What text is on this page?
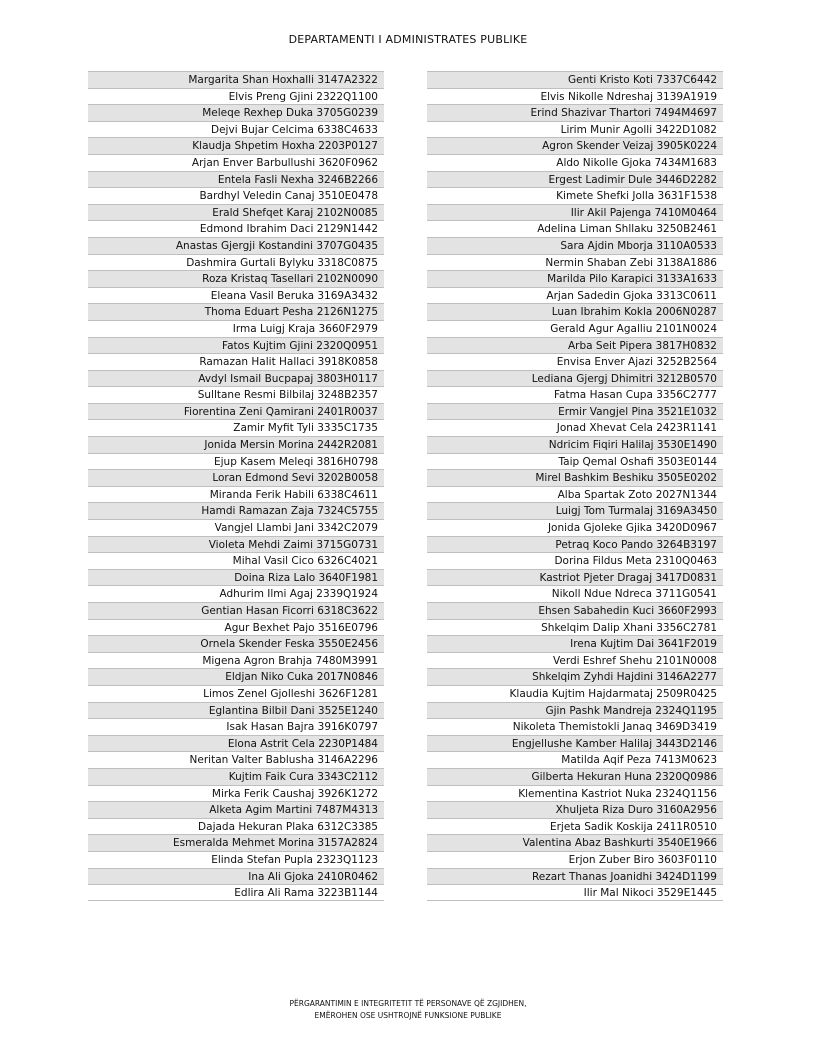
DEPARTAMENTI I ADMINISTRATES PUBLIKE
Margarita Shan Hoxhalli 3147A2322
Elvis Preng Gjini 2322Q1100
Meleqe Rexhep Duka 3705G0239
Dejvi Bujar Celcima 6338C4633
Klaudja Shpetim Hoxha 2203P0127
Arjan Enver Barbullushi 3620F0962
Entela Fasli Nexha 3246B2266
Bardhyl Veledin Canaj 3510E0478
Erald Shefqet Karaj 2102N0085
Edmond Ibrahim Daci 2129N1442
Anastas Gjergji Kostandini 3707G0435
Dashmira Gurtali Bylyku 3318C0875
Roza Kristaq Tasellari 2102N0090
Eleana Vasil Beruka 3169A3432
Thoma Eduart Pesha 2126N1275
Irma Luigj Kraja 3660F2979
Fatos Kujtim Gjini 2320Q0951
Ramazan Halit Hallaci 3918K0858
Avdyl Ismail Bucpapaj 3803H0117
Sulltane Resmi Bilbilaj 3248B2357
Fiorentina Zeni Qamirani 2401R0037
Zamir Myfit Tyli 3335C1735
Jonida Mersin Morina 2442R2081
Ejup Kasem Meleqi 3816H0798
Loran Edmond Sevi 3202B0058
Miranda Ferik Habili 6338C4611
Hamdi Ramazan Zaja 7324C5755
Vangjel Llambi Jani 3342C2079
Violeta Mehdi Zaimi 3715G0731
Mihal Vasil Cico 6326C4021
Doina Riza Lalo 3640F1981
Adhurim Ilmi Agaj 2339Q1924
Gentian Hasan Ficorri 6318C3622
Agur Bexhet Pajo 3516E0796
Ornela Skender Feska 3550E2456
Migena Agron Brahja 7480M3991
Eldjan Niko Cuka 2017N0846
Limos Zenel Gjolleshi 3626F1281
Eglantina Bilbil Dani 3525E1240
Isak Hasan Bajra 3916K0797
Elona Astrit Cela 2230P1484
Neritan Valter Bablusha 3146A2296
Kujtim Faik Cura 3343C2112
Mirka Ferik Caushaj 3926K1272
Alketa Agim Martini 7487M4313
Dajada Hekuran Plaka 6312C3385
Esmeralda Mehmet Morina 3157A2824
Elinda Stefan Pupla 2323Q1123
Ina Ali Gjoka 2410R0462
Edlira Ali Rama 3223B1144
Genti Kristo Koti 7337C6442
Elvis Nikolle Ndreshaj 3139A1919
Erind Shazivar Thartori 7494M4697
Lirim Munir Agolli 3422D1082
Agron Skender Veizaj 3905K0224
Aldo Nikolle Gjoka 7434M1683
Ergest Ladimir Dule 3446D2282
Kimete Shefki Jolla 3631F1538
Ilir Akil Pajenga 7410M0464
Adelina Liman Shllaku 3250B2461
Sara Ajdin Mborja 3110A0533
Nermin Shaban Zebi 3138A1886
Marilda Pilo Karapici 3133A1633
Arjan Sadedin Gjoka 3313C0611
Luan Ibrahim Kokla 2006N0287
Gerald Agur Agalliu 2101N0024
Arba Seit Pipera 3817H0832
Envisa Enver Ajazi 3252B2564
Lediana Gjergj Dhimitri 3212B0570
Fatma Hasan Cupa 3356C2777
Ermir Vangjel Pina 3521E1032
Jonad Xhevat Cela 2423R1141
Ndricim Fiqiri Halilaj 3530E1490
Taip Qemal Oshafi 3503E0144
Mirel Bashkim Beshiku 3505E0202
Alba Spartak Zoto 2027N1344
Luigj Tom Turmalaj 3169A3450
Jonida Gjoleke Gjika 3420D0967
Petraq Koco Pando 3264B3197
Dorina Fildus Meta 2310Q0463
Kastriot Pjeter Dragaj 3417D0831
Nikoll Ndue Ndreca 3711G0541
Ehsen Sabahedin Kuci 3660F2993
Shkelqim Dalip Xhani 3356C2781
Irena Kujtim Dai 3641F2019
Verdi Eshref Shehu 2101N0008
Shkelqim Zyhdi Hajdini 3146A2277
Klaudia Kujtim Hajdarmataj 2509R0425
Gjin Pashk Mandreja 2324Q1195
Nikoleta Themistokli Janaq 3469D3419
Engjellushe Kamber Halilaj 3443D2146
Matilda Aqif Peza 7413M0623
Gilberta Hekuran Huna 2320Q0986
Klementina Kastriot Nuka 2324Q1156
Xhuljeta Riza Duro 3160A2956
Erjeta Sadik Koskija 2411R0510
Valentina Abaz Bashkurti 3540E1966
Erjon Zuber Biro 3603F0110
Rezart Thanas Joanidhi 3424D1199
Ilir Mal Nikoci 3529E1445
PËRGARANTIMIN E INTEGRITETIT TË PERSONAVE QË ZGJIDHEN,
EMËROHEN OSE USHTROJNË FUNKSIONE PUBLIKE
